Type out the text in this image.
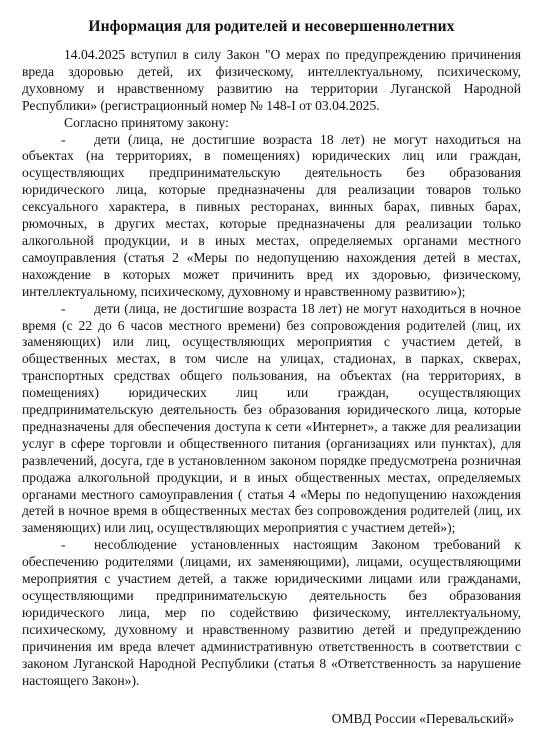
Информация для родителей и несовершеннолетних

14.04.2025 вступил в силу Закон "О мерах по предупреждению причинения вреда здоровью детей, их физическому, интеллектуальному, психическому, духовному и нравственному развитию на территории Луганской Народной Республики» (регистрационный номер № 148-I от 03.04.2025.

Согласно принятому закону:

- дети (лица, не достигшие возраста 18 лет) не могут находиться на объектах (на территориях, в помещениях) юридических лиц или граждан, осуществляющих предпринимательскую деятельность без образования юридического лица, которые предназначены для реализации товаров только сексуального характера, в пивных ресторанах, винных барах, пивных барах, рюмочных, в других местах, которые предназначены для реализации только алкогольной продукции, и в иных местах, определяемых органами местного самоуправления (статья 2 «Меры по недопущению нахождения детей в местах, нахождение в которых может причинить вред их здоровью, физическому, интеллектуальному, психическому, духовному и нравственному развитию»);

- дети (лица, не достигшие возраста 18 лет) не могут находиться в ночное время (с 22 до 6 часов местного времени) без сопровождения родителей (лиц, их заменяющих) или лиц, осуществляющих мероприятия с участием детей, в общественных местах, в том числе на улицах, стадионах, в парках, скверах, транспортных средствах общего пользования, на объектах (на территориях, в помещениях) юридических лиц или граждан, осуществляющих предпринимательскую деятельность без образования юридического лица, которые предназначены для обеспечения доступа к сети «Интернет», а также для реализации услуг в сфере торговли и общественного питания (организациях или пунктах), для развлечений, досуга, где в установленном законом порядке предусмотрена розничная продажа алкогольной продукции, и в иных общественных местах, определяемых органами местного самоуправления ( статья 4 «Меры по недопущению нахождения детей в ночное время в общественных местах без сопровождения родителей (лиц, их заменяющих) или лиц, осуществляющих мероприятия с участием детей»);

- несоблюдение установленных настоящим Законом требований к обеспечению родителями (лицами, их заменяющими), лицами, осуществляющими мероприятия с участием детей, а также юридическими лицами или гражданами, осуществляющими предпринимательскую деятельность без образования юридического лица, мер по содействию физическому, интеллектуальному, психическому, духовному и нравственному развитию детей и предупреждению причинения им вреда влечет административную ответственность в соответствии с законом Луганской Народной Республики (статья 8 «Ответственность за нарушение настоящего Закон»).

ОМВД России «Перевальский»
